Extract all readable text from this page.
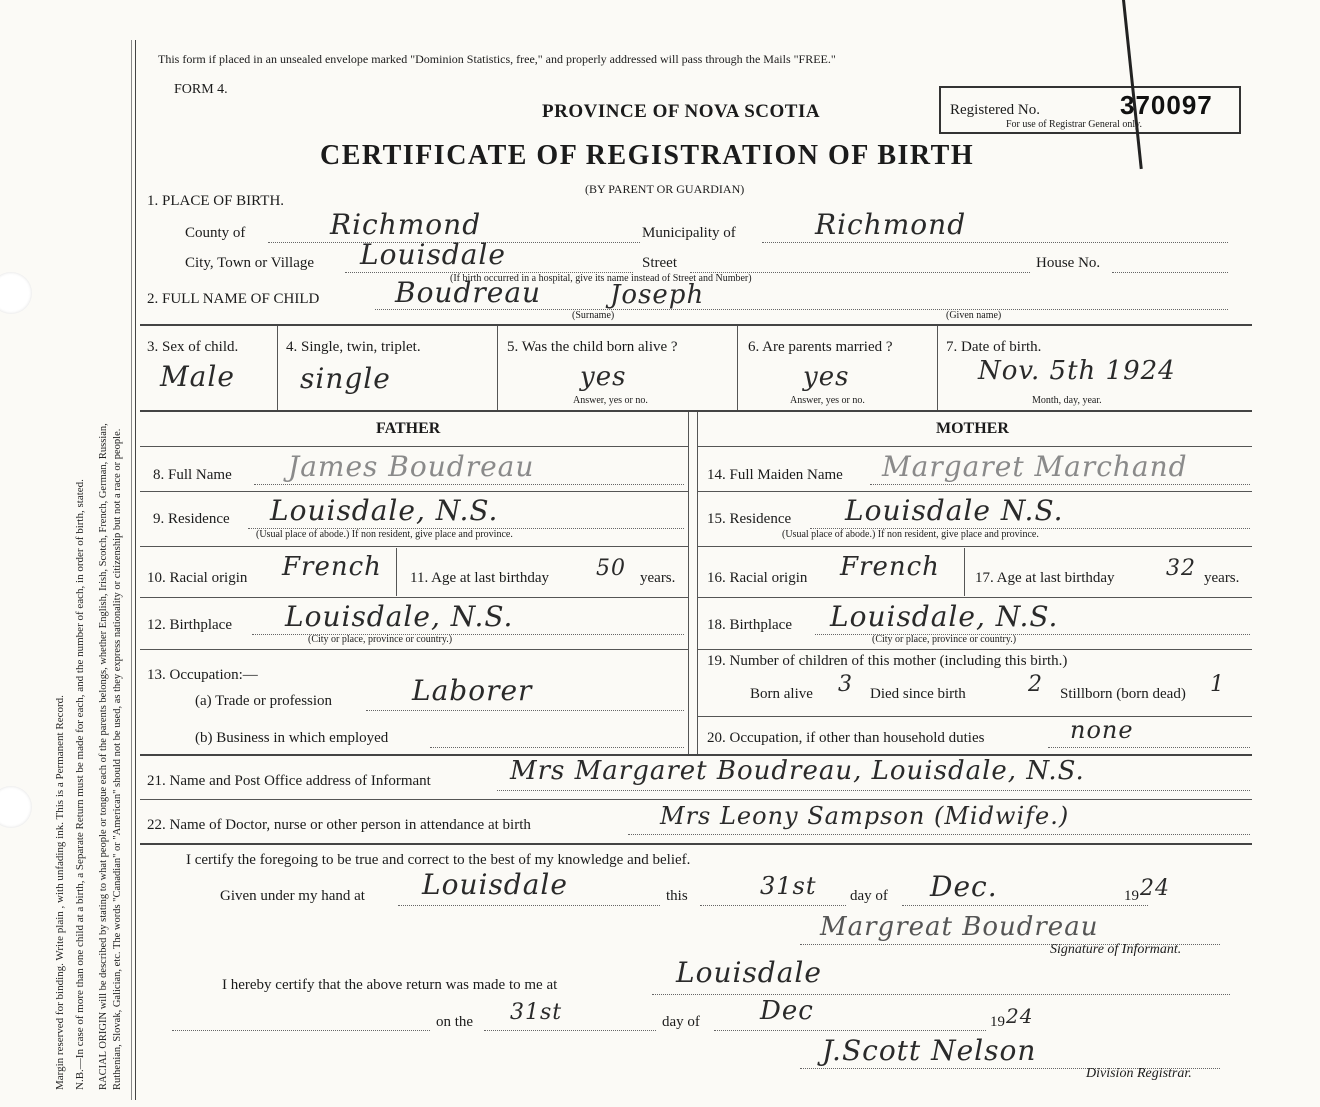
Margin reserved for binding. Write plain , with unfading ink. This is a Permanent Record. N.B.—In case of more than one child at a birth, a Separate Return must be made for each, and the number of each, in order of birth, stated. RACIAL ORIGIN will be described by stating to what people or tongue each of the parents belongs, whether English, Irish, Scotch, French, German, Russian, Ruthenian, Slovak, Galician, etc. The words "Canadian" or "American" should not be used, as they express nationality or citizenship but not a race or people.
This form if placed in an unsealed envelope marked "Dominion Statistics, free," and properly addressed will pass through the Mails "FREE."
FORM 4.
PROVINCE OF NOVA SCOTIA	Registered No.	370097
For use of Registrar General only.
CERTIFICATE OF REGISTRATION OF BIRTH
(BY PARENT OR GUARDIAN)
1. PLACE OF BIRTH.
County of	Richmond	Municipality of	Richmond
City, Town or Village Louisdale	Street	House No.
(If birth occurred in a hospital, give its name instead of Street and Number)
2. FULL NAME OF CHILD	Boudreau	Joseph
(Surname)	(Given name)
3. Sex of child.
Male
4. Single, twin, triplet.
single
5. Was the child born alive ?
yes
Answer, yes or no.
6. Are parents married ?
yes
Answer, yes or no.
7. Date of birth.
Nov. 5th 1924
Month, day, year.
FATHER	MOTHER
8. Full Name James Boudreau	14. Full Maiden Name Margaret Marchand
9. Residence Louisdale, N.S.
(Usual place of abode.) If non resident, give place and province.
15. Residence Louisdale N.S.
(Usual place of abode.) If non resident, give place and province.
10. Racial origin French 11. Age at last birthday 50 years. 16. Racial origin French 17. Age at last birthday 32 years.
12. Birthplace Louisdale, N.S.
(City or place, province or country.)
18. Birthplace Louisdale, N.S.
(City or place, province or country.)
13. Occupation:—
(a) Trade or profession	Laborer
(b) Business in which employed
19. Number of children of this mother (including this birth.)
Born alive 3 Died since birth	2 Stillborn (born dead) 1
20. Occupation, if other than household duties	none
21. Name and Post Office address of Informant	Mrs Margaret Boudreau, Louisdale, N.S.
22. Name of Doctor, nurse or other person in attendance at birth	Mrs Leony Sampson (Midwife.)
I certify the foregoing to be true and correct to the best of my knowledge and belief.
Given under my hand at Louisdale	this	31st day of Dec.	19 24
Margreat Boudreau
Signature of Informant.
I hereby certify that the above return was made to me at	Louisdale
on the 31st	day of Dec	19 24
J.Scott Nelson
Division Registrar.
